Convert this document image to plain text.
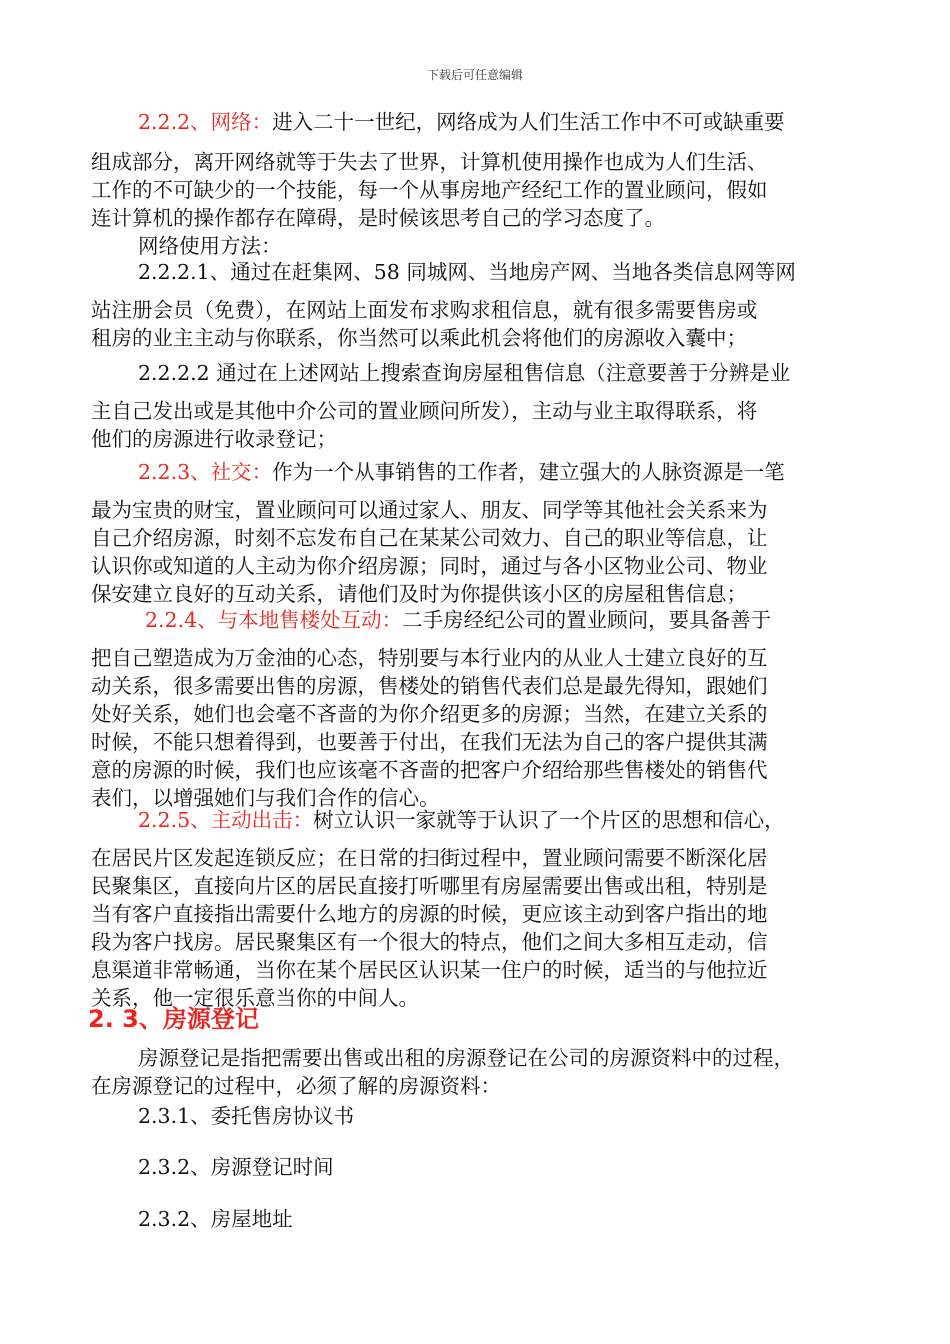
下载后可任意编辑
2.2.2、网络：进入二十一世纪，网络成为人们生活工作中不可或缺重要
组成部分，离开网络就等于失去了世界，计算机使用操作也成为人们生活、
工作的不可缺少的一个技能，每一个从事房地产经纪工作的置业顾问，假如
连计算机的操作都存在障碍，是时候该思考自己的学习态度了。
网络使用方法：
2.2.2.1、通过在赶集网、58 同城网、当地房产网、当地各类信息网等网
站注册会员（免费），在网站上面发布求购求租信息，就有很多需要售房或
租房的业主主动与你联系，你当然可以乘此机会将他们的房源收入囊中；
2.2.2.2 通过在上述网站上搜索查询房屋租售信息（注意要善于分辨是业
主自己发出或是其他中介公司的置业顾问所发），主动与业主取得联系，将
他们的房源进行收录登记；
2.2.3、社交：作为一个从事销售的工作者，建立强大的人脉资源是一笔
最为宝贵的财宝，置业顾问可以通过家人、朋友、同学等其他社会关系来为
自己介绍房源，时刻不忘发布自己在某某公司效力、自己的职业等信息，让
认识你或知道的人主动为你介绍房源；同时，通过与各小区物业公司、物业
保安建立良好的互动关系，请他们及时为你提供该小区的房屋租售信息；
2.2.4、与本地售楼处互动：二手房经纪公司的置业顾问，要具备善于
把自己塑造成为万金油的心态，特别要与本行业内的从业人士建立良好的互
动关系，很多需要出售的房源，售楼处的销售代表们总是最先得知，跟她们
处好关系，她们也会毫不吝啬的为你介绍更多的房源；当然，在建立关系的
时候，不能只想着得到，也要善于付出，在我们无法为自己的客户提供其满
意的房源的时候，我们也应该毫不吝啬的把客户介绍给那些售楼处的销售代
表们，以增强她们与我们合作的信心。
2.2.5、主动出击：树立认识一家就等于认识了一个片区的思想和信心，
在居民片区发起连锁反应；在日常的扫街过程中，置业顾问需要不断深化居
民聚集区，直接向片区的居民直接打听哪里有房屋需要出售或出租，特别是
当有客户直接指出需要什么地方的房源的时候，更应该主动到客户指出的地
段为客户找房。居民聚集区有一个很大的特点，他们之间大多相互走动，信
息渠道非常畅通，当你在某个居民区认识某一住户的时候，适当的与他拉近
关系，他一定很乐意当你的中间人。
2. 3、房源登记
房源登记是指把需要出售或出租的房源登记在公司的房源资料中的过程，
在房源登记的过程中，必须了解的房源资料：
2.3.1、委托售房协议书
2.3.2、房源登记时间
2.3.2、房屋地址
